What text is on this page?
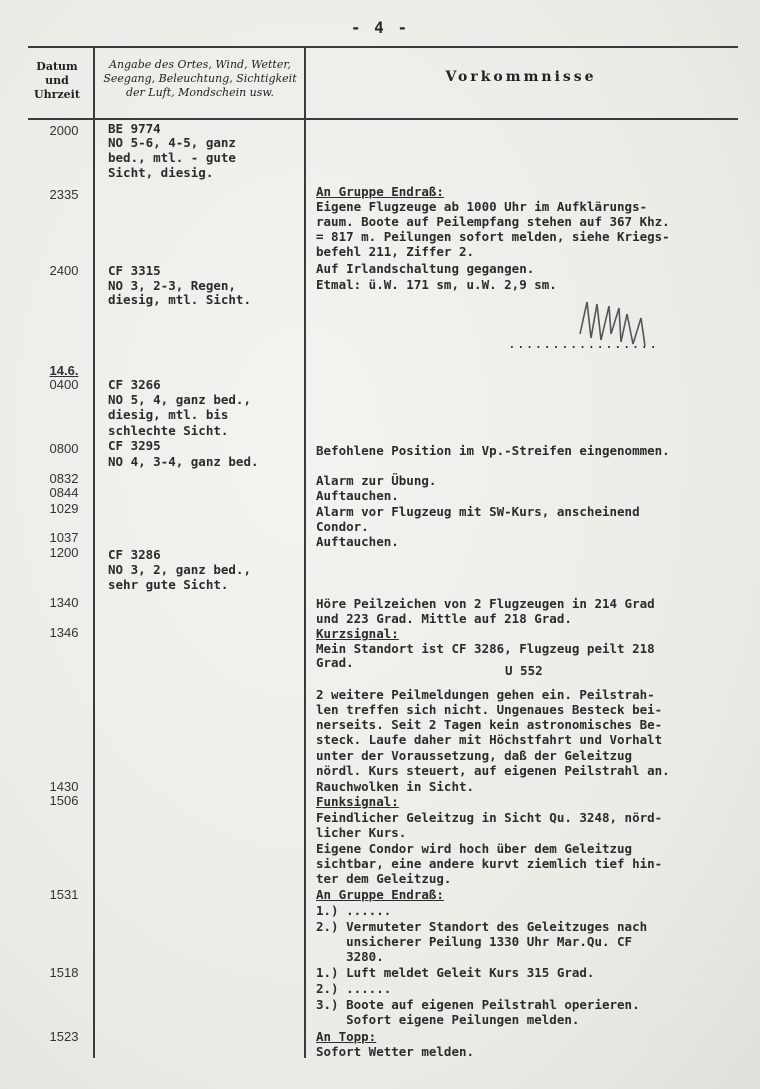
- 4 -
Datum
und
Uhrzeit
Angabe des Ortes, Wind, Wetter,
Seegang, Beleuchtung, Sichtigkeit
der Luft, Mondschein usw.
Vorkommnisse
2000
2335
2400
14.6.
0400
0800
0832
0844
1029
1037
1200
1340
1346
1430
1506
1531
1518
1523
BE 9774
NO 5-6, 4-5, ganz
bed., mtl. - gute
Sicht, diesig.
CF 3315
NO 3, 2-3, Regen,
diesig, mtl. Sicht.
CF 3266
NO 5, 4, ganz bed.,
diesig, mtl. bis
schlechte Sicht.
CF 3295
NO 4, 3-4, ganz bed.
CF 3286
NO 3, 2, ganz bed.,
sehr gute Sicht.
An Gruppe Endraß:
Eigene Flugzeuge ab 1000 Uhr im Aufklärungs-
raum. Boote auf Peilempfang stehen auf 367 Khz.
= 817 m. Peilungen sofort melden, siehe Kriegs-
befehl 211, Ziffer 2.
Auf Irlandschaltung gegangen.
Etmal: ü.W. 171 sm, u.W. 2,9 sm.
.................
Befohlene Position im Vp.-Streifen eingenommen.
Alarm zur Übung.
Auftauchen.
Alarm vor Flugzeug mit SW-Kurs, anscheinend
Condor.
Auftauchen.
Höre Peilzeichen von 2 Flugzeugen in 214 Grad
und 223 Grad. Mittle auf 218 Grad.
Kurzsignal:
Mein Standort ist CF 3286, Flugzeug peilt 218
Grad.
U 552
2 weitere Peilmeldungen gehen ein. Peilstrah-
len treffen sich nicht. Ungenaues Besteck bei-
nerseits. Seit 2 Tagen kein astronomisches Be-
steck. Laufe daher mit Höchstfahrt und Vorhalt
unter der Voraussetzung, daß der Geleitzug
nördl. Kurs steuert, auf eigenen Peilstrahl an.
Rauchwolken in Sicht.
Funksignal:
Feindlicher Geleitzug in Sicht Qu. 3248, nörd-
licher Kurs.
Eigene Condor wird hoch über dem Geleitzug
sichtbar, eine andere kurvt ziemlich tief hin-
ter dem Geleitzug.
An Gruppe Endraß:
1.) ......
2.) Vermuteter Standort des Geleitzuges nach
unsicherer Peilung 1330 Uhr Mar.Qu. CF
3280.
1.) Luft meldet Geleit Kurs 315 Grad.
2.) ......
3.) Boote auf eigenen Peilstrahl operieren.
Sofort eigene Peilungen melden.
An Topp:
Sofort Wetter melden.
